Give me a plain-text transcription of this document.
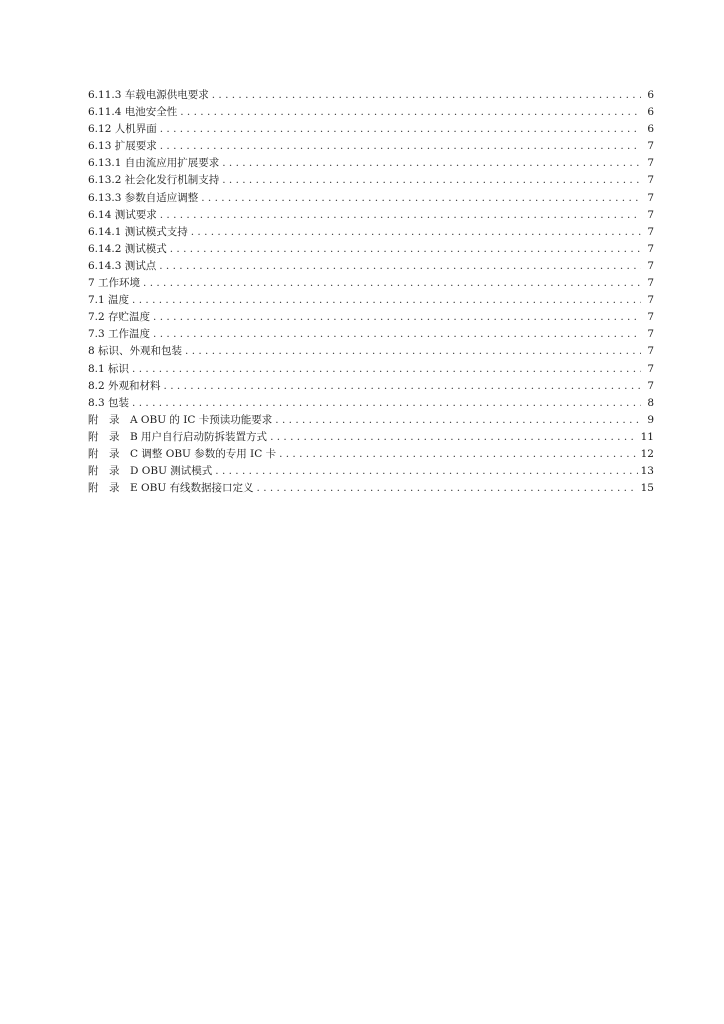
6.11.3 车载电源供电要求 . . .	6
6.11.4 电池安全性 . . .	6
6.12 人机界面 . . .	6
6.13 扩展要求 . . .	7
6.13.1 自由流应用扩展要求 . . .	7
6.13.2 社会化发行机制支持 . . .	7
6.13.3 参数自适应调整 . . .	7
6.14 测试要求 . . .	7
6.14.1 测试模式支持 . . .	7
6.14.2 测试模式 . . .	7
6.14.3 测试点 . . .	7
7 工作环境 . . .	7
7.1 温度 . . .	7
7.2 存贮温度 . . .	7
7.3 工作温度 . . .	7
8 标识、外观和包装 . . .	7
8.1 标识 . . .	7
8.2 外观和材料 . . .	7
8.3 包装 . . .	8
附　录　A OBU 的 IC 卡预读功能要求 . . .	9
附　录　B 用户自行启动防拆装置方式 . . .	11
附　录　C 调整 OBU 参数的专用 IC 卡 . . .	12
附　录　D OBU 测试模式 . . .	13
附　录　E OBU 有线数据接口定义 . . .	15
